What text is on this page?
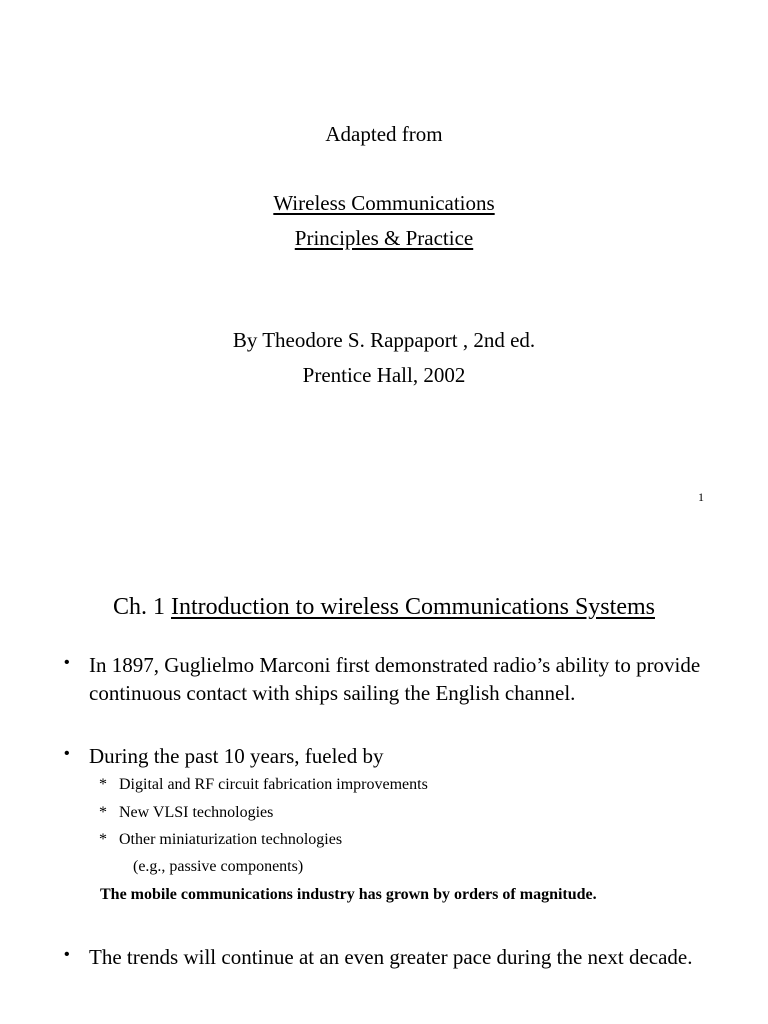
Adapted from
Wireless Communications
Principles & Practice
By Theodore S. Rappaport , 2nd ed.
Prentice Hall, 2002
1
Ch. 1 Introduction to wireless Communications Systems
• In 1897, Guglielmo Marconi first demonstrated radio’s ability to provide continuous contact with ships sailing the English channel.
• During the past 10 years, fueled by
* Digital and RF circuit fabrication improvements
* New VLSI technologies
* Other miniaturization technologies
(e.g., passive components)
The mobile communications industry has grown by orders of magnitude.
• The trends will continue at an even greater pace during the next decade.
